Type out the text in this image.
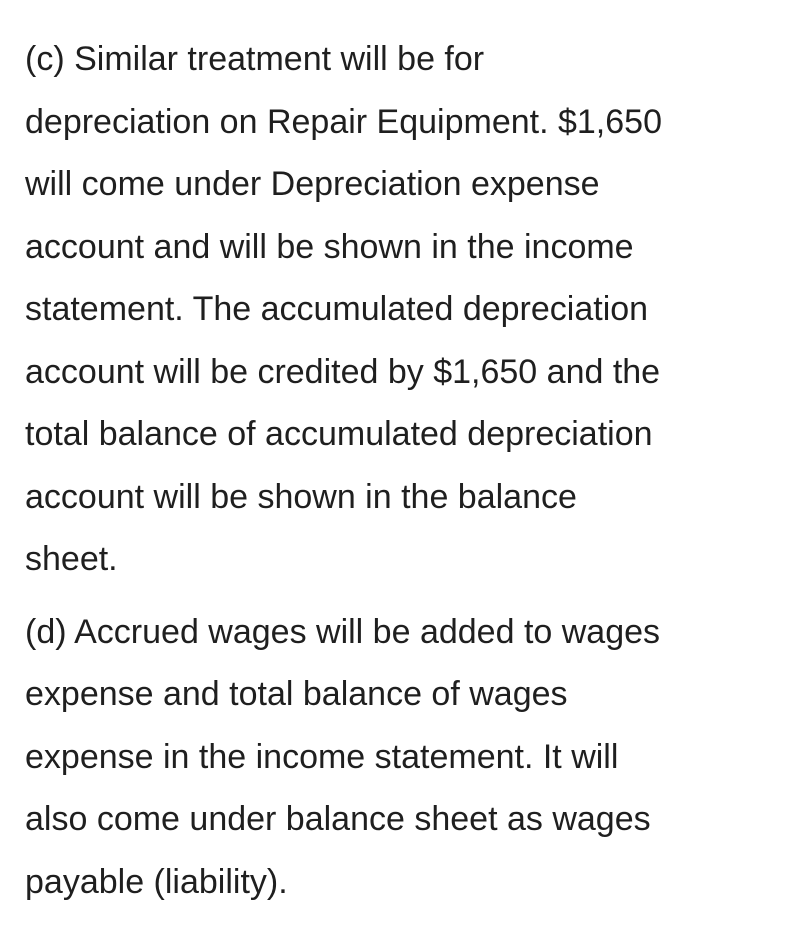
(c) Similar treatment will be for
depreciation on Repair Equipment. $1,650
will come under Depreciation expense
account and will be shown in the income
statement. The accumulated depreciation
account will be credited by $1,650 and the
total balance of accumulated depreciation
account will be shown in the balance
sheet.

(d) Accrued wages will be added to wages
expense and total balance of wages
expense in the income statement. It will
also come under balance sheet as wages
payable (liability).
